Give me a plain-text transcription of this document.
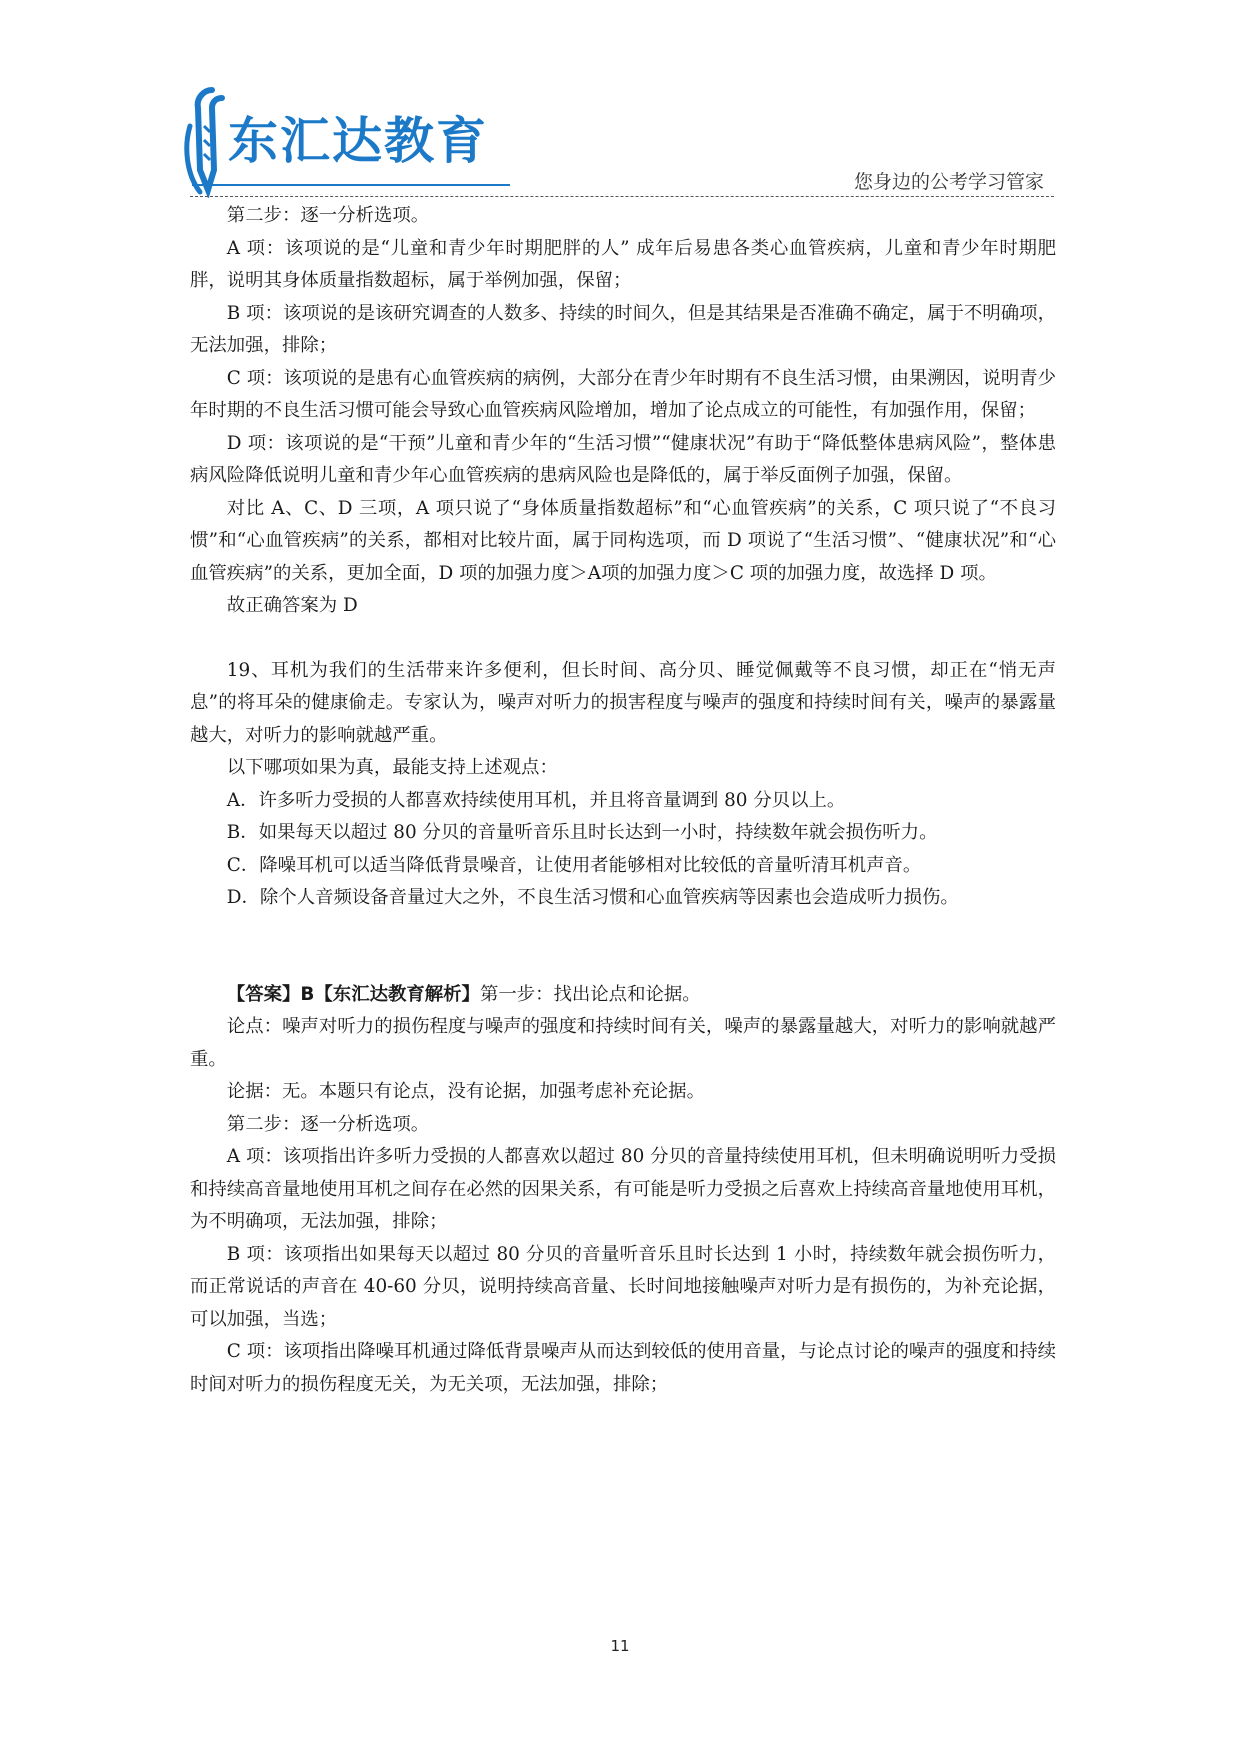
东汇达教育
您身边的公考学习管家

第二步：逐一分析选项。

A 项：该项说的是“儿童和青少年时期肥胖的人” 成年后易患各类心血管疾病，儿童和青少年时期肥胖，说明其身体质量指数超标，属于举例加强，保留；

B 项：该项说的是该研究调查的人数多、持续的时间久，但是其结果是否准确不确定，属于不明确项，无法加强，排除；

C 项：该项说的是患有心血管疾病的病例，大部分在青少年时期有不良生活习惯，由果溯因，说明青少年时期的不良生活习惯可能会导致心血管疾病风险增加，增加了论点成立的可能性，有加强作用，保留；

D 项：该项说的是“干预”儿童和青少年的“生活习惯”“健康状况”有助于“降低整体患病风险”，整体患病风险降低说明儿童和青少年心血管疾病的患病风险也是降低的，属于举反面例子加强，保留。

对比 A、C、D 三项，A 项只说了“身体质量指数超标”和“心血管疾病”的关系，C 项只说了“不良习惯”和“心血管疾病”的关系，都相对比较片面，属于同构选项，而 D 项说了“生活习惯”、“健康状况”和“心血管疾病”的关系，更加全面，D 项的加强力度＞A项的加强力度＞C 项的加强力度，故选择 D 项。

故正确答案为 D

19、耳机为我们的生活带来许多便利，但长时间、高分贝、睡觉佩戴等不良习惯，却正在“悄无声息”的将耳朵的健康偷走。专家认为，噪声对听力的损害程度与噪声的强度和持续时间有关，噪声的暴露量越大，对听力的影响就越严重。

以下哪项如果为真，最能支持上述观点：

A．许多听力受损的人都喜欢持续使用耳机，并且将音量调到 80 分贝以上。

B．如果每天以超过 80 分贝的音量听音乐且时长达到一小时，持续数年就会损伤听力。

C．降噪耳机可以适当降低背景噪音，让使用者能够相对比较低的音量听清耳机声音。

D．除个人音频设备音量过大之外，不良生活习惯和心血管疾病等因素也会造成听力损伤。

【答案】B【东汇达教育解析】第一步：找出论点和论据。

论点：噪声对听力的损伤程度与噪声的强度和持续时间有关，噪声的暴露量越大，对听力的影响就越严重。

论据：无。本题只有论点，没有论据，加强考虑补充论据。

第二步：逐一分析选项。

A 项：该项指出许多听力受损的人都喜欢以超过 80 分贝的音量持续使用耳机，但未明确说明听力受损和持续高音量地使用耳机之间存在必然的因果关系，有可能是听力受损之后喜欢上持续高音量地使用耳机，为不明确项，无法加强，排除；

B 项：该项指出如果每天以超过 80 分贝的音量听音乐且时长达到 1 小时，持续数年就会损伤听力，而正常说话的声音在 40-60 分贝，说明持续高音量、长时间地接触噪声对听力是有损伤的，为补充论据，可以加强，当选；

C 项：该项指出降噪耳机通过降低背景噪声从而达到较低的使用音量，与论点讨论的噪声的强度和持续时间对听力的损伤程度无关，为无关项，无法加强，排除；

11
